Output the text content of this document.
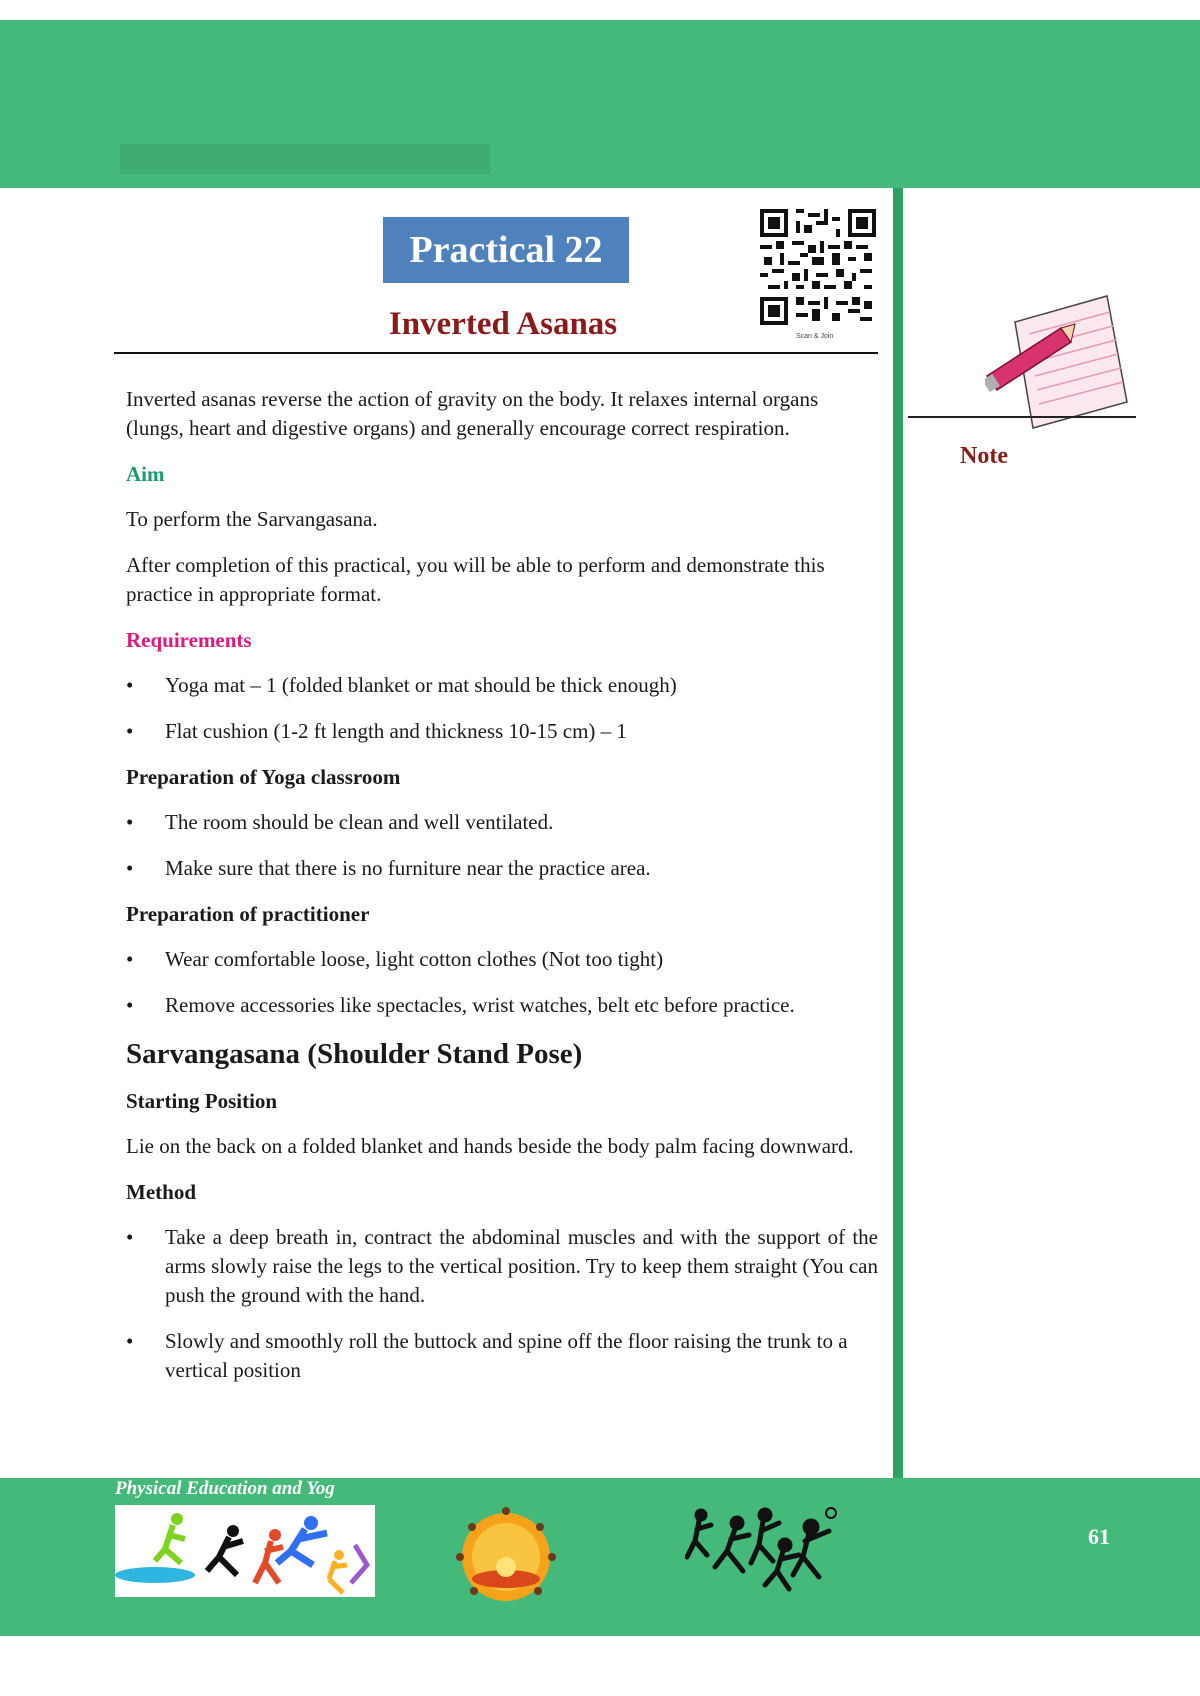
Practical 22
Inverted Asanas	Scan & Join
Note

Inverted asanas reverse the action of gravity on the body. It relaxes internal organs (lungs, heart and digestive organs) and generally encourage correct respiration.

Aim

To perform the Sarvangasana.

After completion of this practical, you will be able to perform and demonstrate this practice in appropriate format.

Requirements
• Yoga mat – 1 (folded blanket or mat should be thick enough)
• Flat cushion (1-2 ft length and thickness 10-15 cm) – 1
Preparation of Yoga classroom
• The room should be clean and well ventilated.
• Make sure that there is no furniture near the practice area.
Preparation of practitioner
• Wear comfortable loose, light cotton clothes (Not too tight)
• Remove accessories like spectacles, wrist watches, belt etc before practice.
Sarvangasana (Shoulder Stand Pose)
Starting Position

Lie on the back on a folded blanket and hands beside the body palm facing downward.

Method
• Take a deep breath in, contract the abdominal muscles and with the support of the arms slowly raise the legs to the vertical position. Try to keep them straight (You can push the ground with the hand.
• Slowly and smoothly roll the buttock and spine off the floor raising the trunk to a vertical position
Physical Education and Yog
61
